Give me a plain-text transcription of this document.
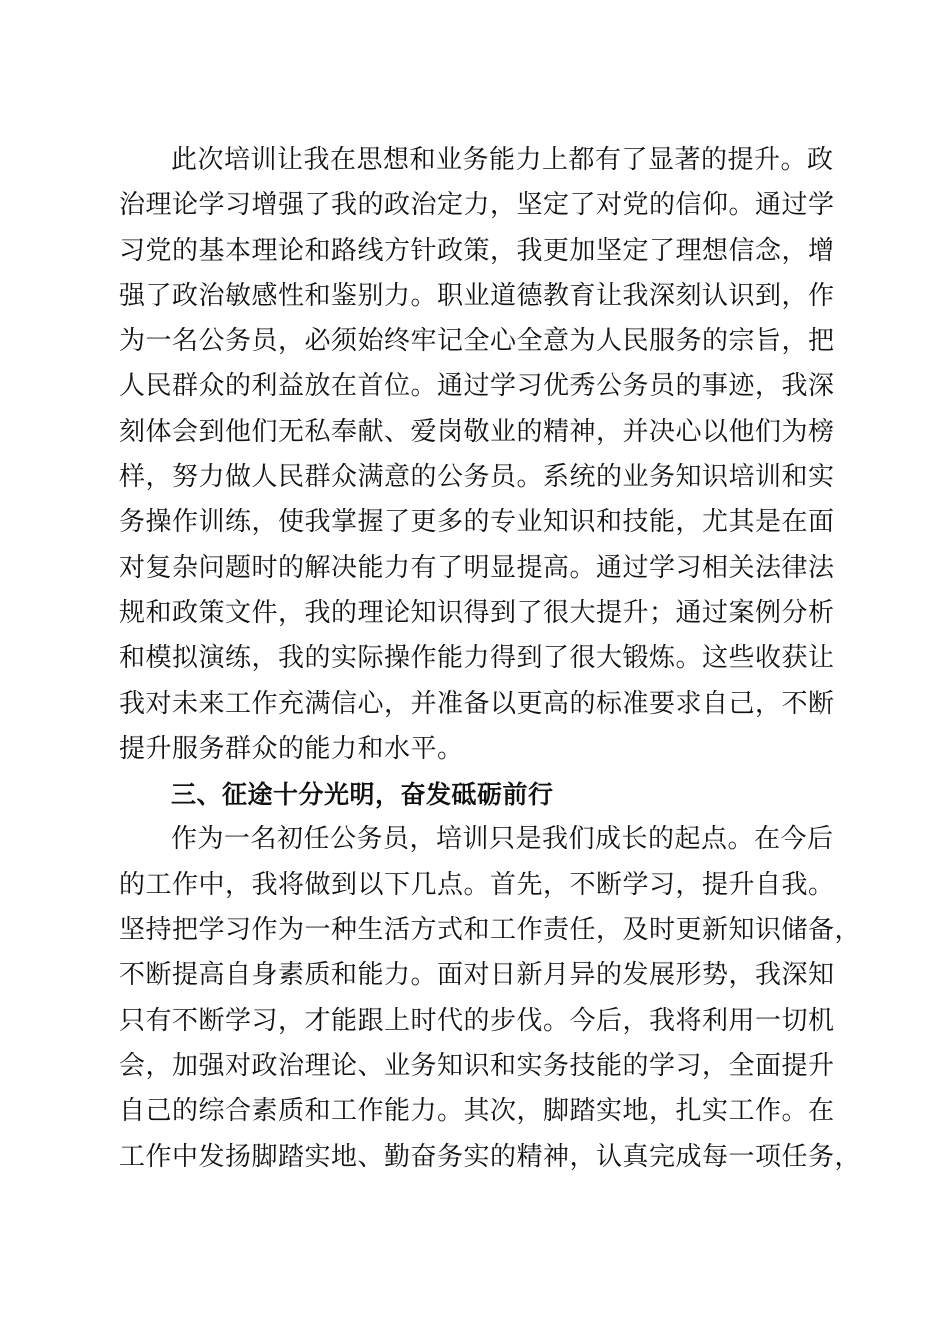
此次培训让我在思想和业务能力上都有了显著的提升。政
治理论学习增强了我的政治定力，坚定了对党的信仰。通过学
习党的基本理论和路线方针政策，我更加坚定了理想信念，增
强了政治敏感性和鉴别力。职业道德教育让我深刻认识到，作
为一名公务员，必须始终牢记全心全意为人民服务的宗旨，把
人民群众的利益放在首位。通过学习优秀公务员的事迹，我深
刻体会到他们无私奉献、爱岗敬业的精神，并决心以他们为榜
样，努力做人民群众满意的公务员。系统的业务知识培训和实
务操作训练，使我掌握了更多的专业知识和技能，尤其是在面
对复杂问题时的解决能力有了明显提高。通过学习相关法律法
规和政策文件，我的理论知识得到了很大提升；通过案例分析
和模拟演练，我的实际操作能力得到了很大锻炼。这些收获让
我对未来工作充满信心，并准备以更高的标准要求自己，不断
提升服务群众的能力和水平。
三、征途十分光明，奋发砥砺前行
作为一名初任公务员，培训只是我们成长的起点。在今后
的工作中，我将做到以下几点。首先，不断学习，提升自我。
坚持把学习作为一种生活方式和工作责任，及时更新知识储备，
不断提高自身素质和能力。面对日新月异的发展形势，我深知
只有不断学习，才能跟上时代的步伐。今后，我将利用一切机
会，加强对政治理论、业务知识和实务技能的学习，全面提升
自己的综合素质和工作能力。其次，脚踏实地，扎实工作。在
工作中发扬脚踏实地、勤奋务实的精神，认真完成每一项任务，
